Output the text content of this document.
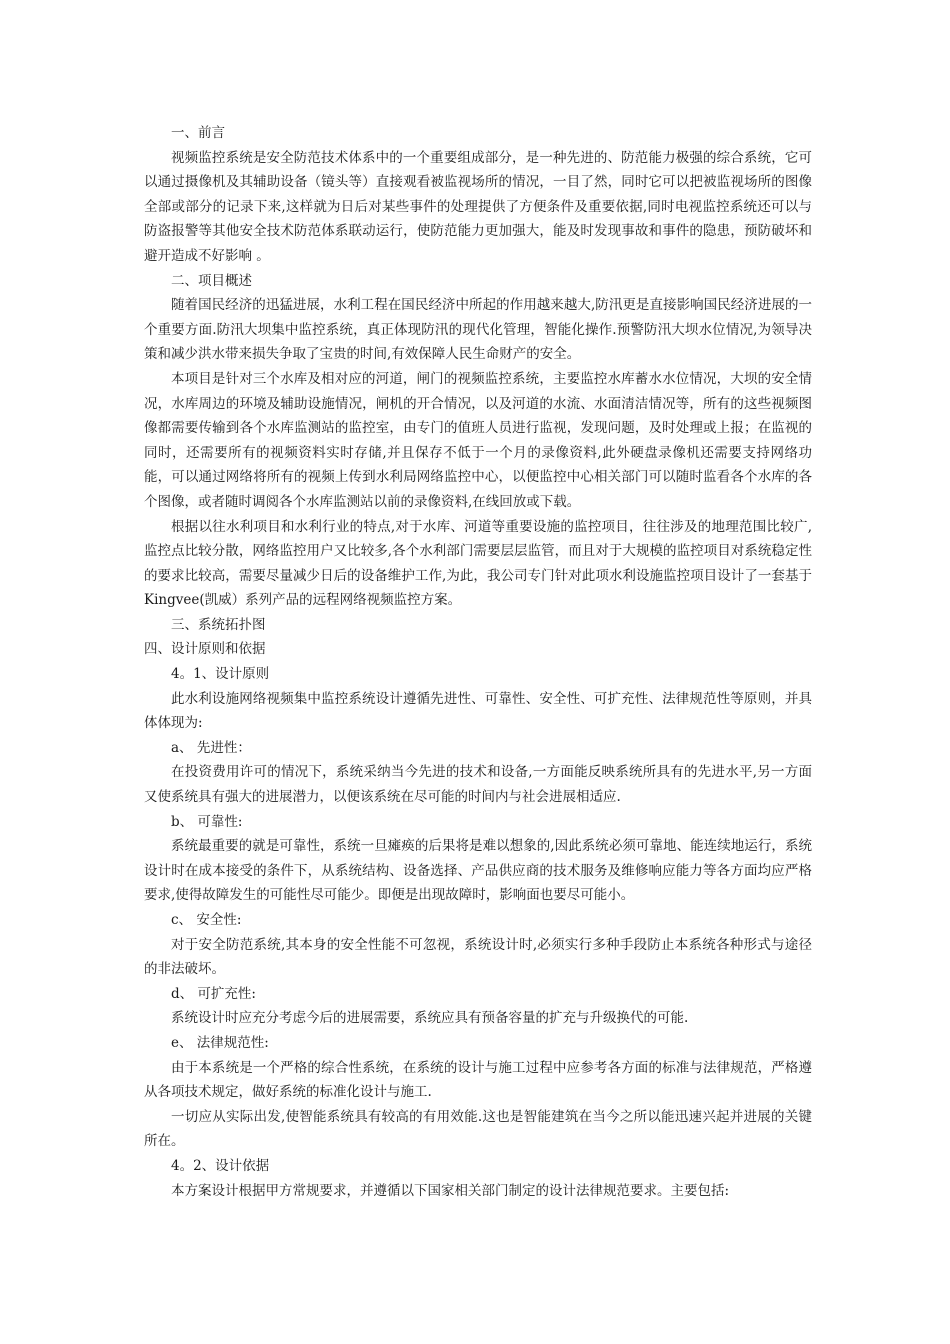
一、前言

视频监控系统是安全防范技术体系中的一个重要组成部分，是一种先进的、防范能力极强的综合系统，它可以通过摄像机及其辅助设备（镜头等）直接观看被监视场所的情况，一目了然，同时它可以把被监视场所的图像全部或部分的记录下来,这样就为日后对某些事件的处理提供了方便条件及重要依据,同时电视监控系统还可以与防盗报警等其他安全技术防范体系联动运行，使防范能力更加强大，能及时发现事故和事件的隐患，预防破坏和避开造成不好影响 。

二、项目概述

随着国民经济的迅猛进展，水利工程在国民经济中所起的作用越来越大,防汛更是直接影响国民经济进展的一个重要方面.防汛大坝集中监控系统，真正体现防汛的现代化管理，智能化操作.预警防汛大坝水位情况,为领导决策和减少洪水带来损失争取了宝贵的时间,有效保障人民生命财产的安全。

本项目是针对三个水库及相对应的河道，闸门的视频监控系统，主要监控水库蓄水水位情况，大坝的安全情况，水库周边的环境及辅助设施情况，闸机的开合情况，以及河道的水流、水面清洁情况等，所有的这些视频图像都需要传输到各个水库监测站的监控室，由专门的值班人员进行监视，发现问题，及时处理或上报；在监视的同时，还需要所有的视频资料实时存储,并且保存不低于一个月的录像资料,此外硬盘录像机还需要支持网络功能，可以通过网络将所有的视频上传到水利局网络监控中心，以便监控中心相关部门可以随时监看各个水库的各个图像，或者随时调阅各个水库监测站以前的录像资料,在线回放或下载。

根据以往水利项目和水利行业的特点,对于水库、河道等重要设施的监控项目，往往涉及的地理范围比较广,监控点比较分散，网络监控用户又比较多,各个水利部门需要层层监管，而且对于大规模的监控项目对系统稳定性的要求比较高，需要尽量减少日后的设备维护工作,为此，我公司专门针对此项水利设施监控项目设计了一套基于 Kingvee(凯威）系列产品的远程网络视频监控方案。

三、系统拓扑图

四、设计原则和依据

4。1、设计原则

此水利设施网络视频集中监控系统设计遵循先进性、可靠性、安全性、可扩充性、法律规范性等原则，并具体体现为:

a、 先进性：

在投资费用许可的情况下，系统采纳当今先进的技术和设备,一方面能反映系统所具有的先进水平,另一方面又使系统具有强大的进展潜力，以便该系统在尽可能的时间内与社会进展相适应.

b、 可靠性:

系统最重要的就是可靠性，系统一旦瘫痪的后果将是难以想象的,因此系统必须可靠地、能连续地运行，系统设计时在成本接受的条件下，从系统结构、设备选择、产品供应商的技术服务及维修响应能力等各方面均应严格要求,使得故障发生的可能性尽可能少。即便是出现故障时，影响面也要尽可能小。

c、 安全性:

对于安全防范系统,其本身的安全性能不可忽视，系统设计时,必须实行多种手段防止本系统各种形式与途径的非法破坏。

d、 可扩充性:

系统设计时应充分考虑今后的进展需要，系统应具有预备容量的扩充与升级换代的可能.

e、 法律规范性:

由于本系统是一个严格的综合性系统，在系统的设计与施工过程中应参考各方面的标准与法律规范，严格遵从各项技术规定，做好系统的标准化设计与施工.

一切应从实际出发,使智能系统具有较高的有用效能.这也是智能建筑在当今之所以能迅速兴起并进展的关键所在。

4。2、设计依据

本方案设计根据甲方常规要求，并遵循以下国家相关部门制定的设计法律规范要求。主要包括:
